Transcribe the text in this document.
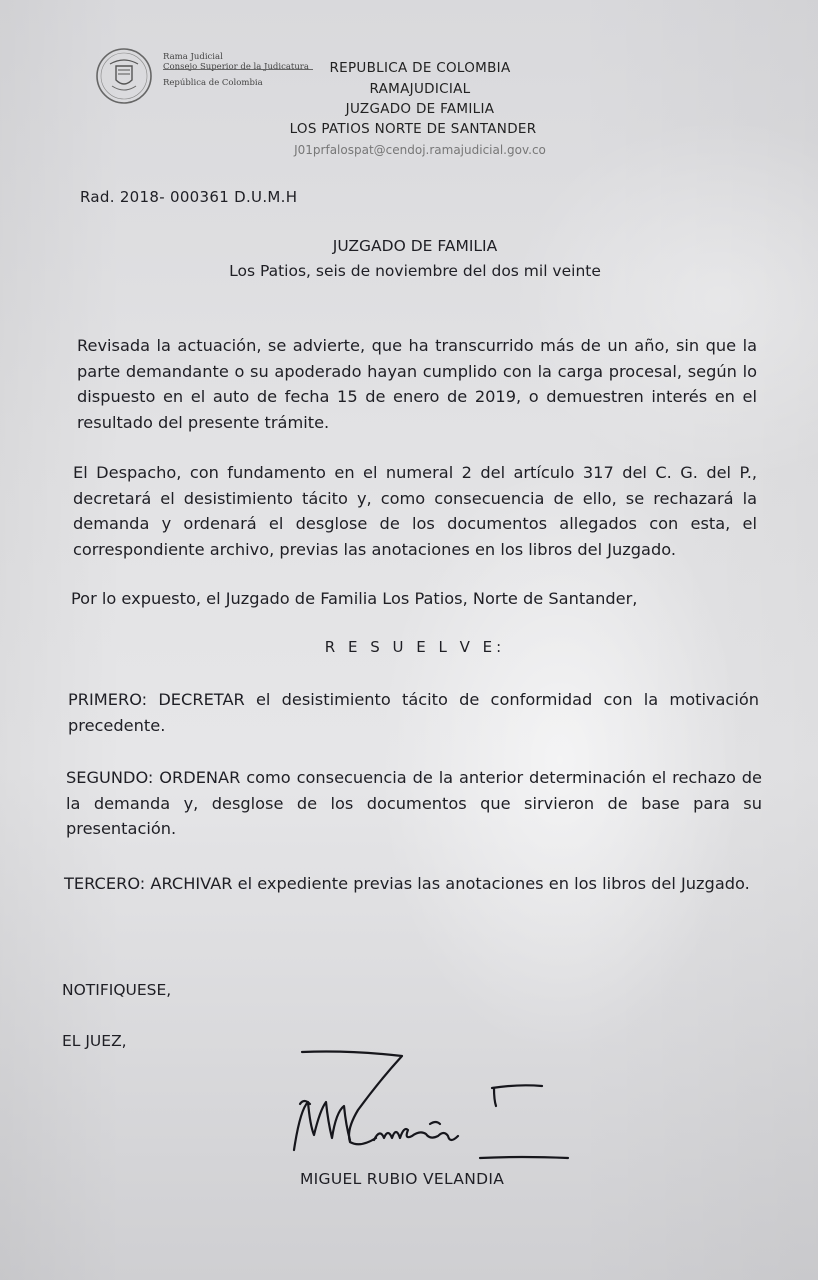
Rama Judicial
Consejo Superior de la Judicatura
República de Colombia
REPUBLICA DE COLOMBIA
RAMAJUDICIAL
JUZGADO DE FAMILIA
LOS PATIOS NORTE DE SANTANDER
J01prfalospat@cendoj.ramajudicial.gov.co
Rad. 2018- 000361 D.U.M.H
JUZGADO DE FAMILIA
Los Patios, seis de noviembre del dos mil veinte
Revisada la actuación, se advierte, que ha transcurrido más de un año, sin que la parte demandante o su apoderado hayan cumplido con la carga procesal, según lo dispuesto en el auto de fecha 15 de enero de 2019, o demuestren interés en el resultado del presente trámite.
El Despacho, con fundamento en el numeral 2 del artículo 317 del C. G. del P., decretará el desistimiento tácito y, como consecuencia de ello, se rechazará la demanda y ordenará el desglose de los documentos allegados con esta, el correspondiente archivo, previas las anotaciones en los libros del Juzgado.
Por lo expuesto, el Juzgado de Familia Los Patios, Norte de Santander,
R E S U E L V E:
PRIMERO: DECRETAR el desistimiento tácito de conformidad con la motivación precedente.
SEGUNDO: ORDENAR como consecuencia de la anterior determinación el rechazo de la demanda y, desglose de los documentos que sirvieron de base para su presentación.
TERCERO: ARCHIVAR el expediente previas las anotaciones en los libros del Juzgado.
NOTIFIQUESE,
EL JUEZ,
MIGUEL RUBIO VELANDIA
